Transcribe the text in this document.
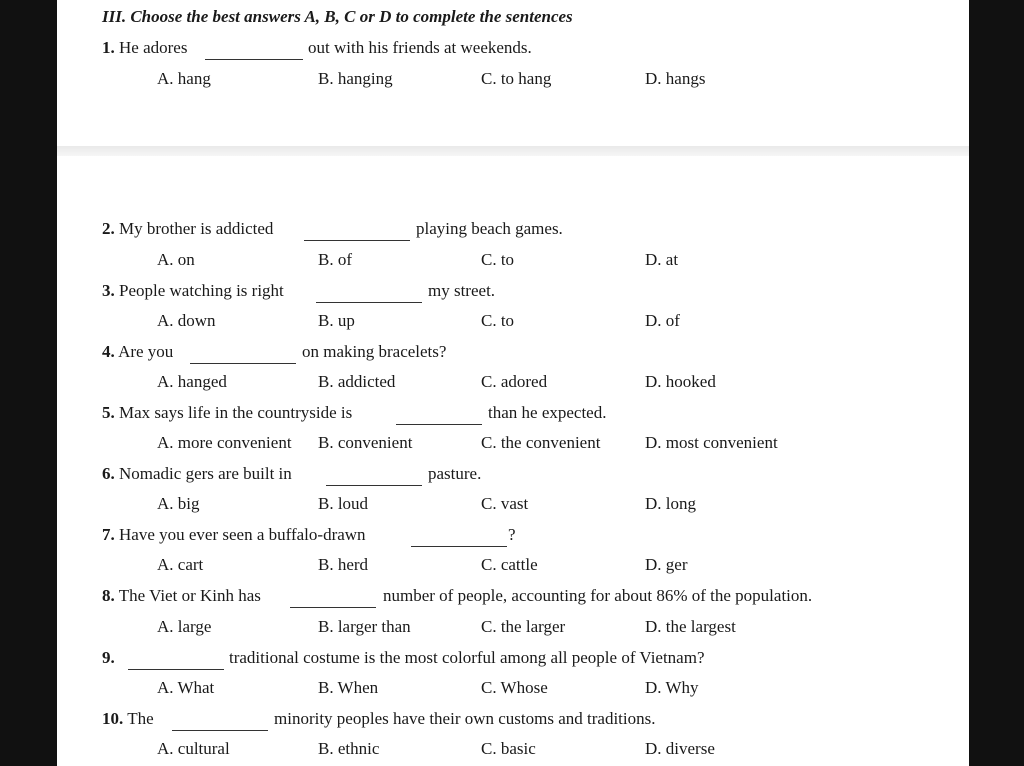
III. Choose the best answers A, B, C or D to complete the sentences
1. He adores	out with his friends at weekends.
A. hang	B. hanging	C. to hang	D. hangs
2. My brother is addicted	playing beach games.
A. on	B. of	C. to	D. at
3. People watching is right	my street.
A. down	B. up	C. to	D. of
4. Are you	on making bracelets?
A. hanged	B. addicted	C. adored	D. hooked
5. Max says life in the countryside is	than he expected.
A. more convenient B. convenient	C. the convenient	D. most convenient
6. Nomadic gers are built in	pasture.
A. big	B. loud	C. vast	D. long
7. Have you ever seen a buffalo-drawn	?
A. cart	B. herd	C. cattle	D. ger
8. The Viet or Kinh has	number of people, accounting for about 86% of the population.
A. large	B. larger than	C. the larger	D. the largest
9.	traditional costume is the most colorful among all people of Vietnam?
A. What	B. When	C. Whose	D. Why
10. The	minority peoples have their own customs and traditions.
A. cultural	B. ethnic	C. basic	D. diverse
